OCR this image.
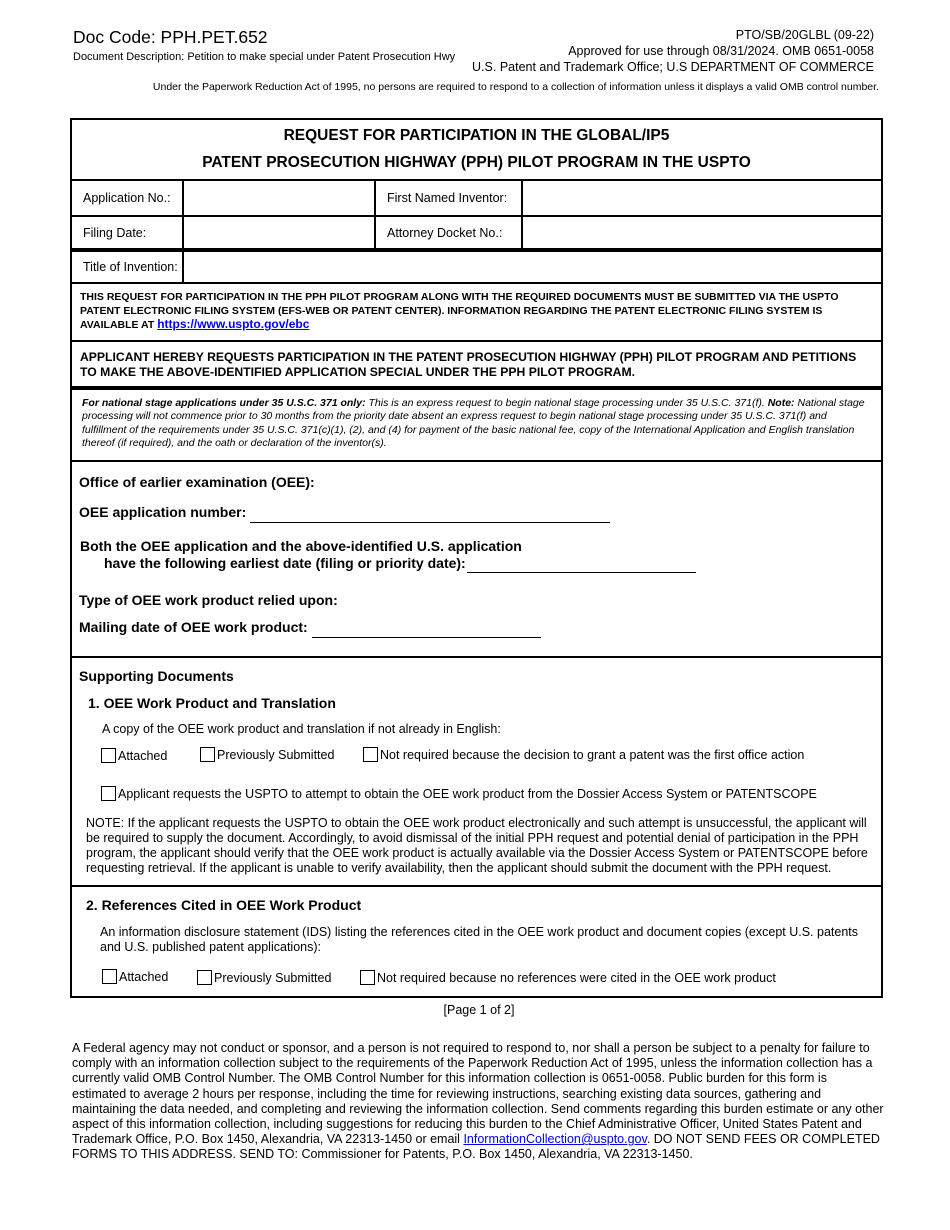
Doc Code: PPH.PET.652
Document Description: Petition to make special under Patent Prosecution Hwy
PTO/SB/20GLBL (09-22)
Approved for use through 08/31/2024. OMB 0651-0058
U.S. Patent and Trademark Office; U.S DEPARTMENT OF COMMERCE
Under the Paperwork Reduction Act of 1995, no persons are required to respond to a collection of information unless it displays a valid OMB control number.
REQUEST FOR PARTICIPATION IN THE GLOBAL/IP5
PATENT PROSECUTION HIGHWAY (PPH) PILOT PROGRAM IN THE USPTO
Application No.:	First Named Inventor:
Filing Date:	Attorney Docket No.:
Title of Invention:
THIS REQUEST FOR PARTICIPATION IN THE PPH PILOT PROGRAM ALONG WITH THE REQUIRED DOCUMENTS MUST BE SUBMITTED VIA THE USPTO PATENT ELECTRONIC FILING SYSTEM (EFS-WEB OR PATENT CENTER). INFORMATION REGARDING THE PATENT ELECTRONIC FILING SYSTEM IS AVAILABLE AT https://www.uspto.gov/ebc
APPLICANT HEREBY REQUESTS PARTICIPATION IN THE PATENT PROSECUTION HIGHWAY (PPH) PILOT PROGRAM AND PETITIONS TO MAKE THE ABOVE-IDENTIFIED APPLICATION SPECIAL UNDER THE PPH PILOT PROGRAM.
For national stage applications under 35 U.S.C. 371 only: This is an express request to begin national stage processing under 35 U.S.C. 371(f). Note: National stage processing will not commence prior to 30 months from the priority date absent an express request to begin national stage processing under 35 U.S.C. 371(f) and fulfillment of the requirements under 35 U.S.C. 371(c)(1), (2), and (4) for payment of the basic national fee, copy of the International Application and English translation thereof (if required), and the oath or declaration of the inventor(s).
Office of earlier examination (OEE):
OEE application number:
Both the OEE application and the above-identified U.S. application
have the following earliest date (filing or priority date):
Type of OEE work product relied upon:
Mailing date of OEE work product:
Supporting Documents
1. OEE Work Product and Translation
A copy of the OEE work product and translation if not already in English:
Attached	Previously Submitted	Not required because the decision to grant a patent was the first office action
Applicant requests the USPTO to attempt to obtain the OEE work product from the Dossier Access System or PATENTSCOPE
NOTE: If the applicant requests the USPTO to obtain the OEE work product electronically and such attempt is unsuccessful, the applicant will be required to supply the document. Accordingly, to avoid dismissal of the initial PPH request and potential denial of participation in the PPH program, the applicant should verify that the OEE work product is actually available via the Dossier Access System or PATENTSCOPE before requesting retrieval. If the applicant is unable to verify availability, then the applicant should submit the document with the PPH request.
2. References Cited in OEE Work Product
An information disclosure statement (IDS) listing the references cited in the OEE work product and document copies (except U.S. patents and U.S. published patent applications):
Attached	Previously Submitted	Not required because no references were cited in the OEE work product
[Page 1 of 2]
A Federal agency may not conduct or sponsor, and a person is not required to respond to, nor shall a person be subject to a penalty for failure to comply with an information collection subject to the requirements of the Paperwork Reduction Act of 1995, unless the information collection has a currently valid OMB Control Number. The OMB Control Number for this information collection is 0651-0058. Public burden for this form is estimated to average 2 hours per response, including the time for reviewing instructions, searching existing data sources, gathering and maintaining the data needed, and completing and reviewing the information collection. Send comments regarding this burden estimate or any other aspect of this information collection, including suggestions for reducing this burden to the Chief Administrative Officer, United States Patent and Trademark Office, P.O. Box 1450, Alexandria, VA 22313-1450 or email InformationCollection@uspto.gov. DO NOT SEND FEES OR COMPLETED FORMS TO THIS ADDRESS. SEND TO: Commissioner for Patents, P.O. Box 1450, Alexandria, VA 22313-1450.
